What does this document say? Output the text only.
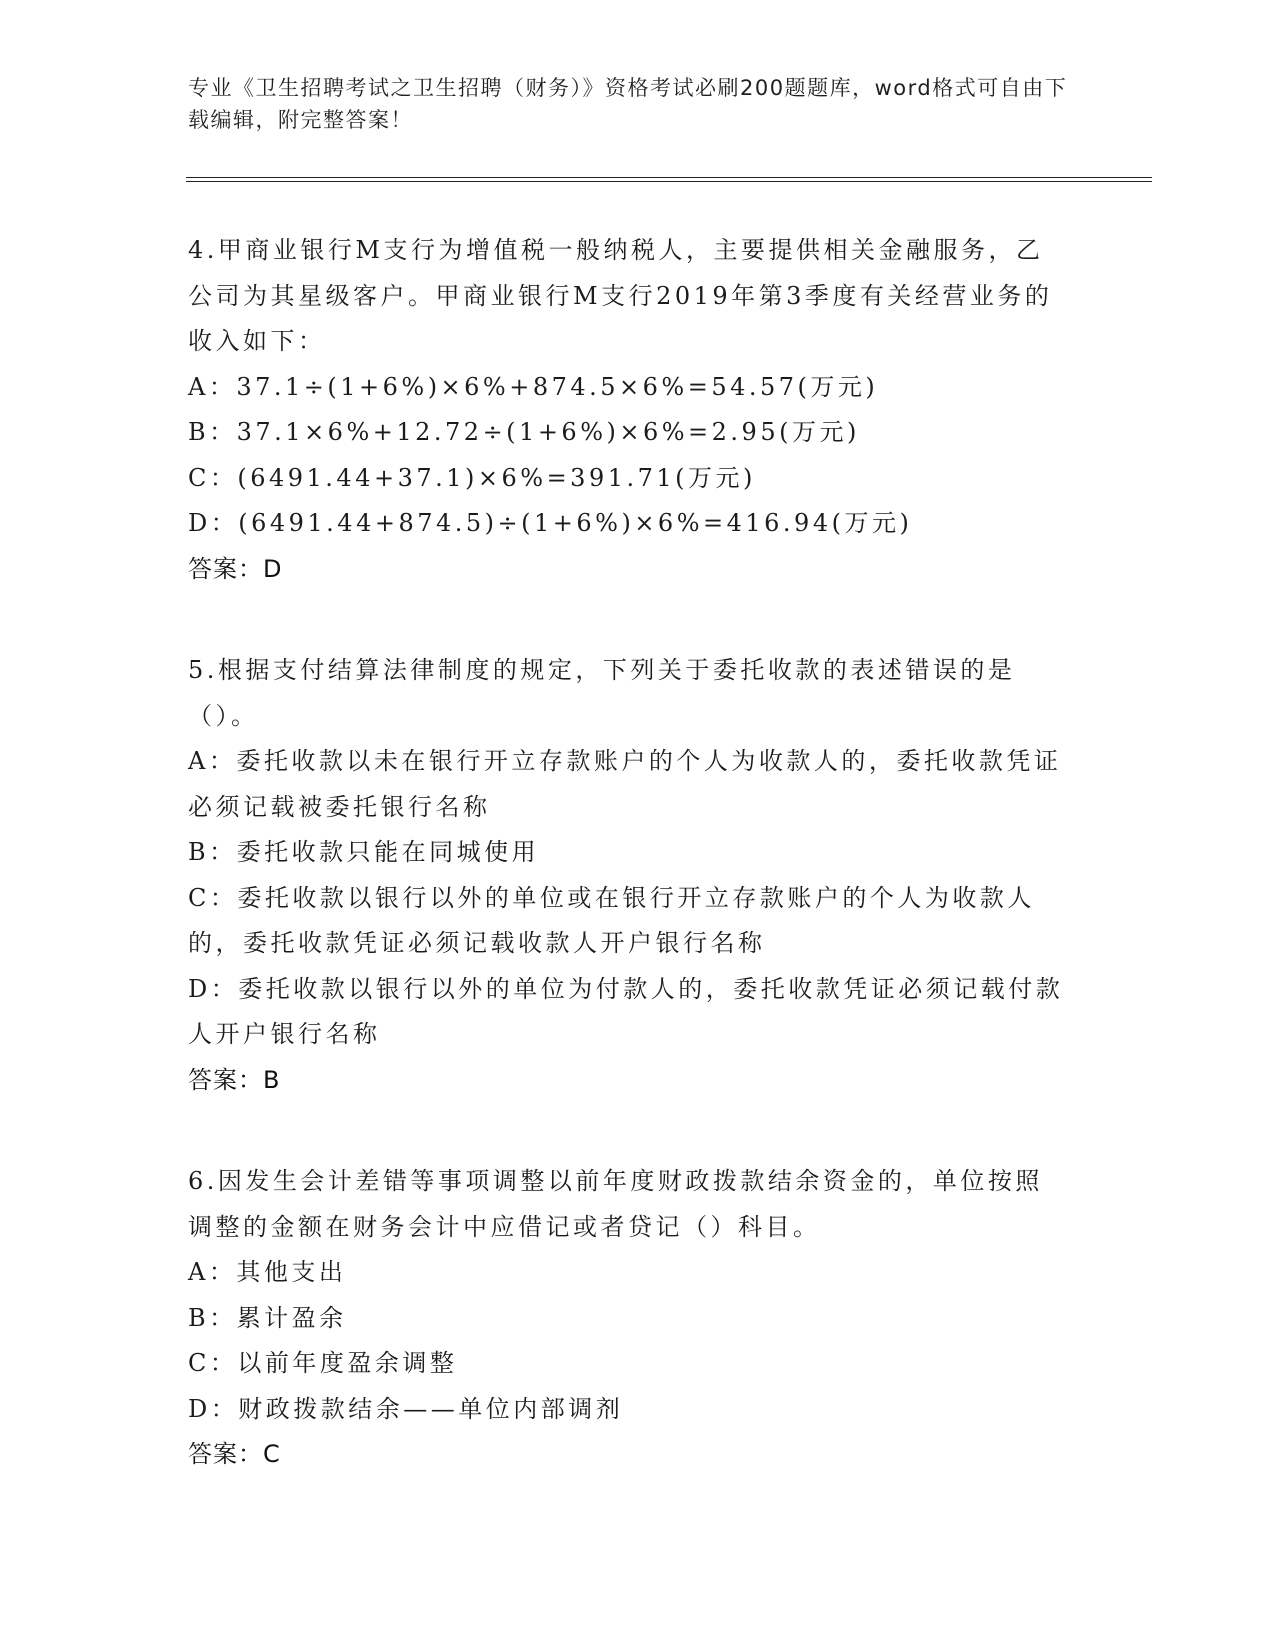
专业《卫生招聘考试之卫生招聘（财务）》资格考试必刷200题题库，word格式可自由下载编辑，附完整答案！
4.甲商业银行M支行为增值税一般纳税人，主要提供相关金融服务，乙公司为其星级客户。甲商业银行M支行2019年第3季度有关经营业务的收入如下：
A：37.1÷(1+6%)×6%+874.5×6%=54.57(万元)
B：37.1×6%+12.72÷(1+6%)×6%=2.95(万元)
C：(6491.44+37.1)×6%=391.71(万元)
D：(6491.44+874.5)÷(1+6%)×6%=416.94(万元)
答案：D
5.根据支付结算法律制度的规定，下列关于委托收款的表述错误的是（）。
A：委托收款以未在银行开立存款账户的个人为收款人的，委托收款凭证必须记载被委托银行名称
B：委托收款只能在同城使用
C：委托收款以银行以外的单位或在银行开立存款账户的个人为收款人的，委托收款凭证必须记载收款人开户银行名称
D：委托收款以银行以外的单位为付款人的，委托收款凭证必须记载付款人开户银行名称
答案：B
6.因发生会计差错等事项调整以前年度财政拨款结余资金的，单位按照调整的金额在财务会计中应借记或者贷记（）科目。
A：其他支出
B：累计盈余
C：以前年度盈余调整
D：财政拨款结余——单位内部调剂
答案：C
